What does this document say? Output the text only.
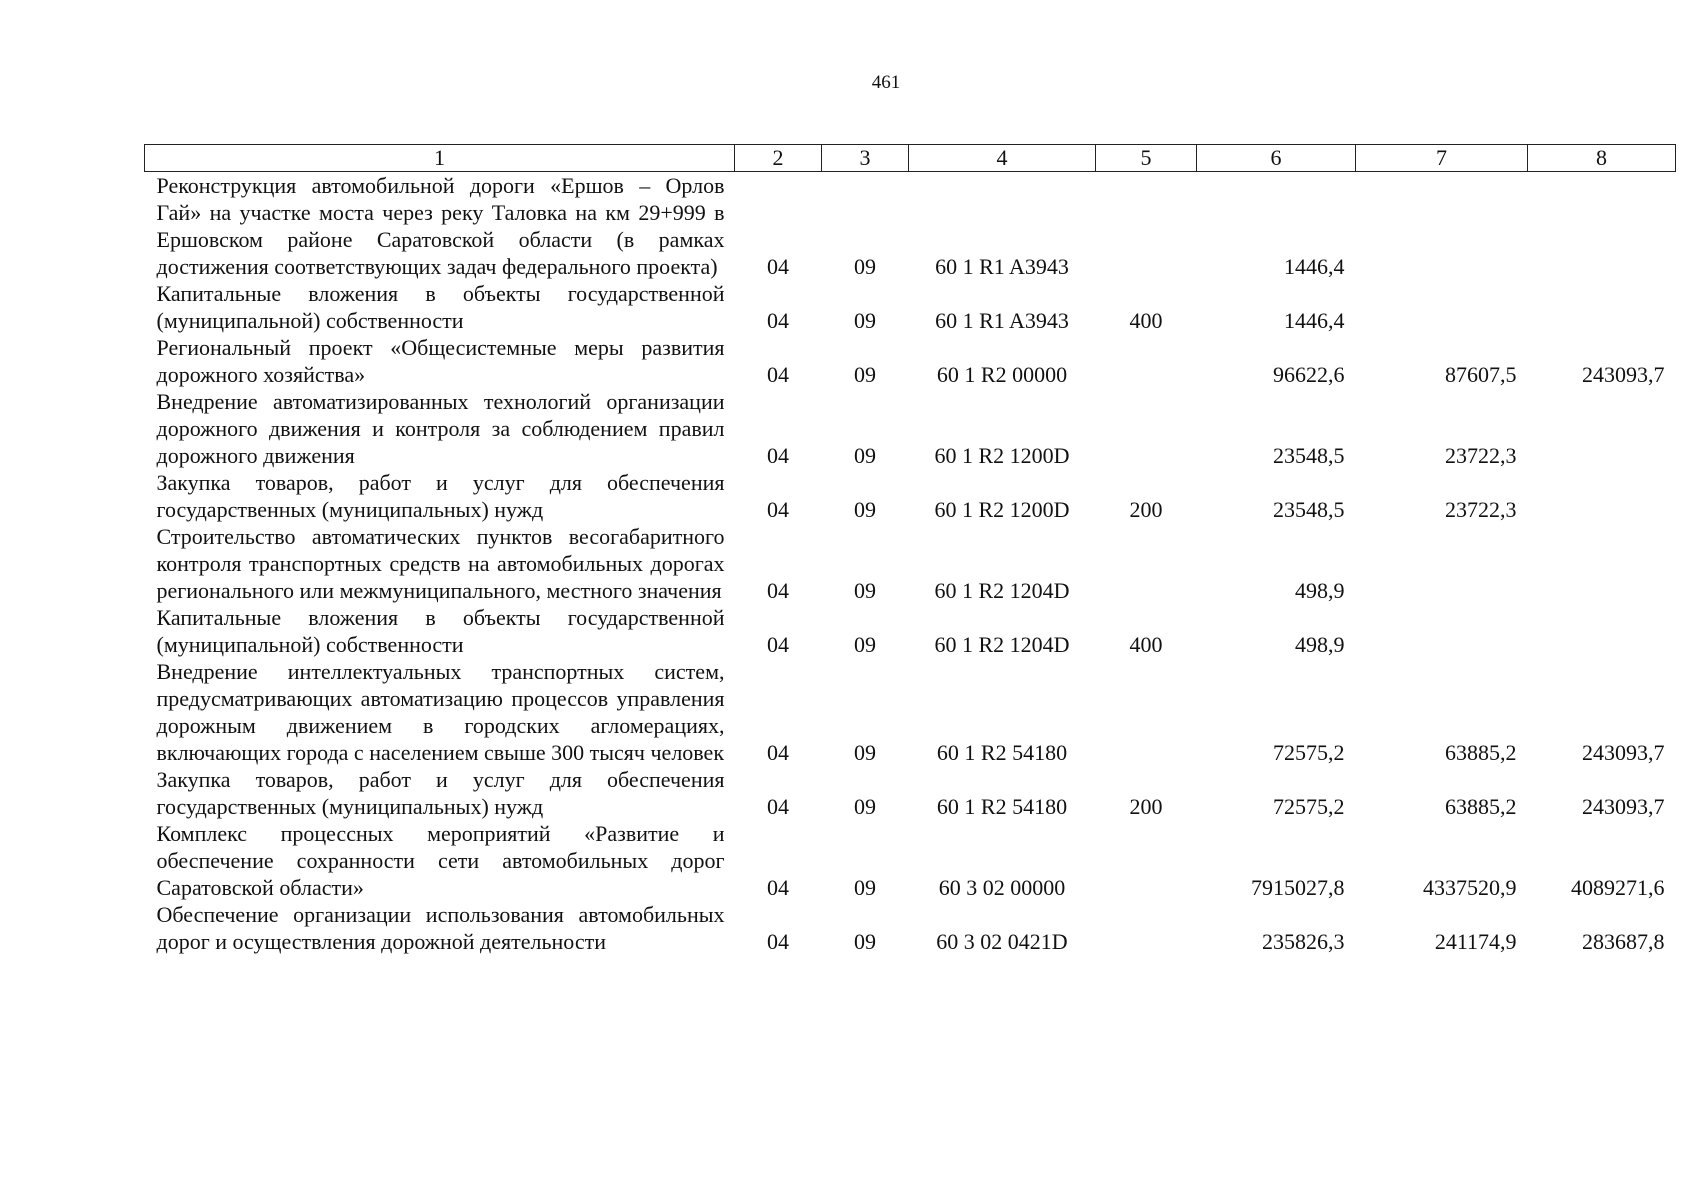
461
1	2	3	4	5	6	7	8
Реконструкция автомобильной дороги «Ершов – Орлов Гай» на участке моста через реку Таловка на км 29+999 в Ершовском районе Саратовской области (в рамках достижения соответствующих задач федерального проекта)	04	09	60 1 R1 A3943		1446,4		
Капитальные вложения в объекты государственной (муниципальной) собственности	04	09	60 1 R1 A3943	400	1446,4		
Региональный проект «Общесистемные меры развития дорожного хозяйства»	04	09	60 1 R2 00000		96622,6	87607,5	243093,7
Внедрение автоматизированных технологий организации дорожного движения и контроля за соблюдением правил дорожного движения	04	09	60 1 R2 1200D		23548,5	23722,3	
Закупка товаров, работ и услуг для обеспечения государственных (муниципальных) нужд	04	09	60 1 R2 1200D	200	23548,5	23722,3	
Строительство автоматических пунктов весогабаритного контроля транспортных средств на автомобильных дорогах регионального или межмуниципального, местного значения	04	09	60 1 R2 1204D		498,9		
Капитальные вложения в объекты государственной (муниципальной) собственности	04	09	60 1 R2 1204D	400	498,9		
Внедрение интеллектуальных транспортных систем, предусматривающих автоматизацию процессов управления дорожным движением в городских агломерациях, включающих города с населением свыше 300 тысяч человек	04	09	60 1 R2 54180		72575,2	63885,2	243093,7
Закупка товаров, работ и услуг для обеспечения государственных (муниципальных) нужд	04	09	60 1 R2 54180	200	72575,2	63885,2	243093,7
Комплекс процессных мероприятий «Развитие и обеспечение сохранности сети автомобильных дорог Саратовской области»	04	09	60 3 02 00000		7915027,8	4337520,9	4089271,6
Обеспечение организации использования автомобильных дорог и осуществления дорожной деятельности	04	09	60 3 02 0421D		235826,3	241174,9	283687,8
